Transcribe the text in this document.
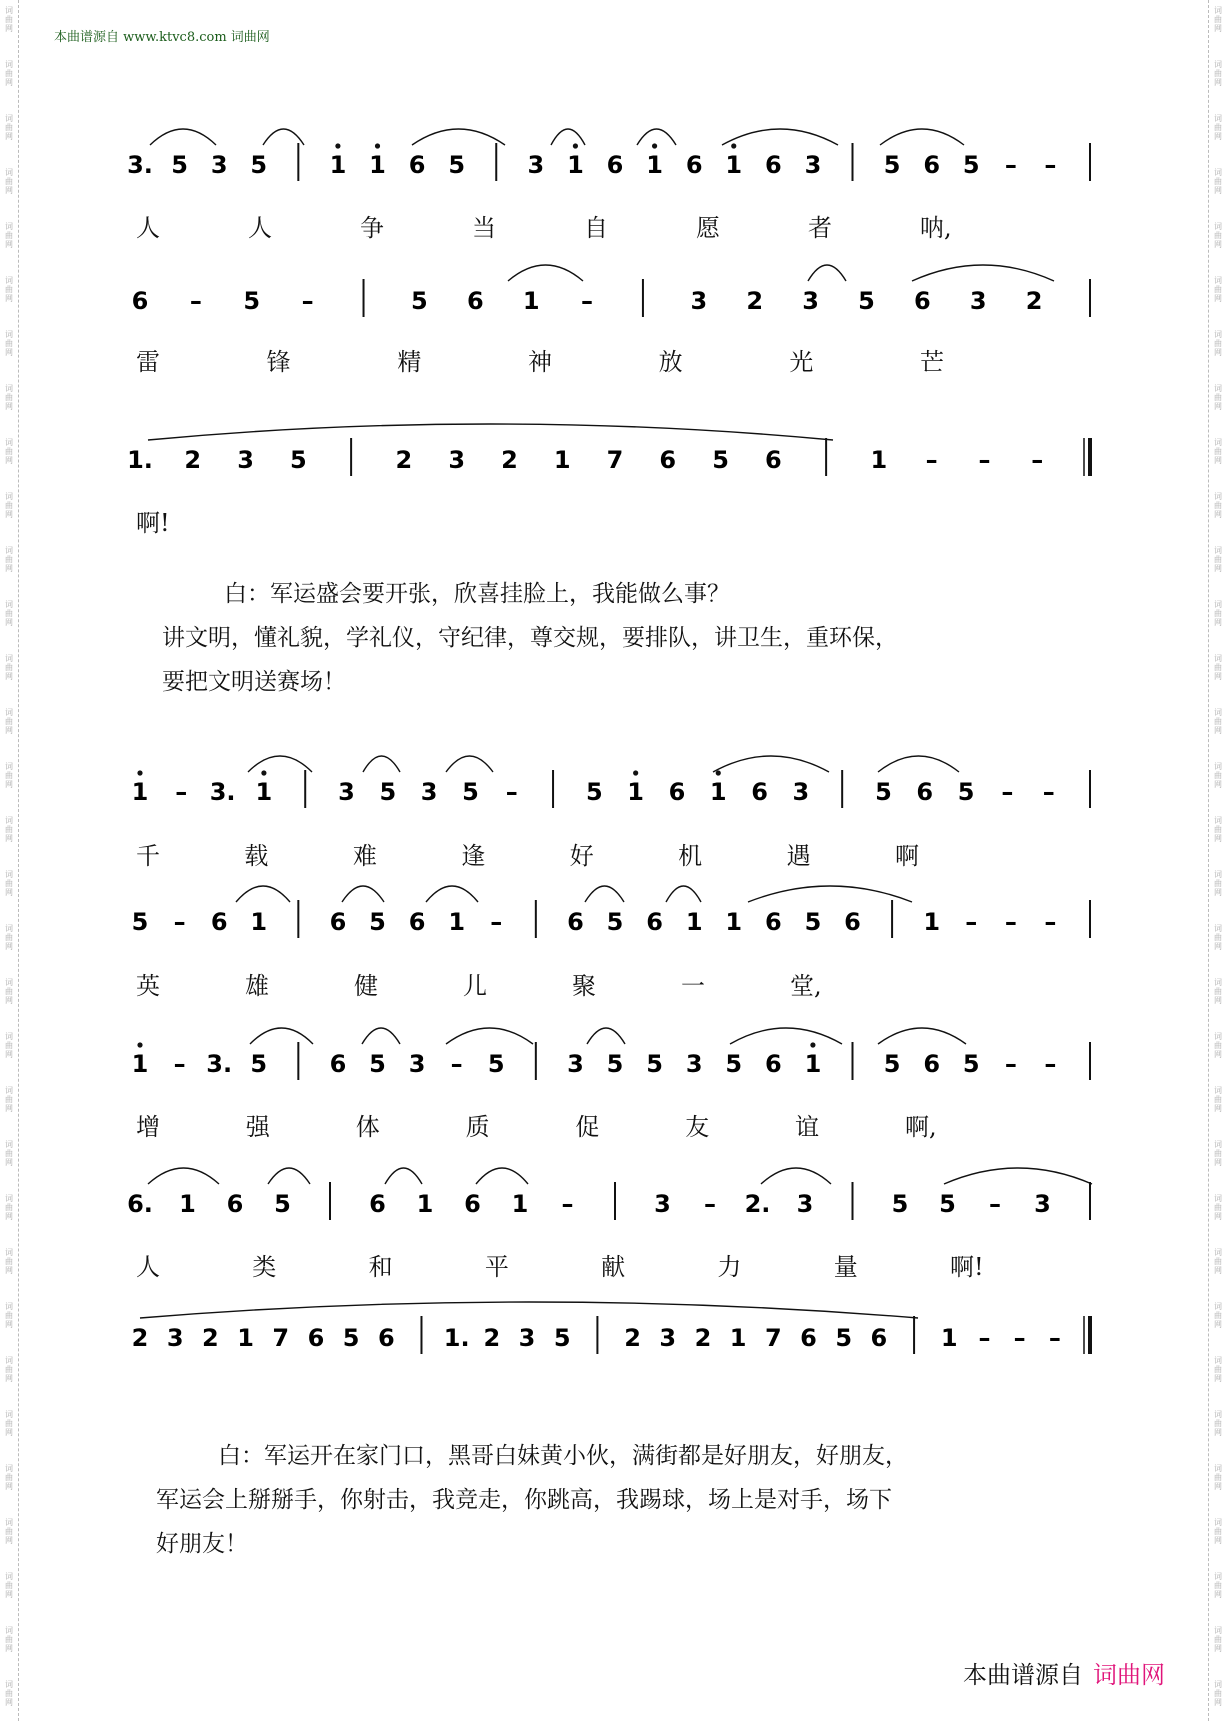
词
曲
网
词
曲
网
词
曲
网
词
曲
网
词
曲
网
词
曲
网
词
曲
网
词
曲
网
词
曲
网
词
曲
网
词
曲
网
词
曲
网
词
曲
网
词
曲
网
词
曲
网
词
曲
网
词
曲
网
词
曲
网
词
曲
网
词
曲
网
词
曲
网
词
曲
网
词
曲
网
词
曲
网
词
曲
网
词
曲
网
词
曲
网
词
曲
网
词
曲
网
词
曲
网
词
曲
网
词
曲
网
词
曲
网
词
曲
网
词
曲
网
词
曲
网
词
曲
网
词
曲
网
词
曲
网
词
曲
网
词
曲
网
词
曲
网
词
曲
网
词
曲
网
词
曲
网
词
曲
网
词
曲
网
词
曲
网
词
曲
网
词
曲
网
词
曲
网
词
曲
网
词
曲
网
词
曲
网
词
曲
网
词
曲
网
词
曲
网
词
曲
网
词
曲
网
词
曲
网
词
曲
网
词
曲
网
词
曲
网
词
曲
网
本曲谱源自 www.ktvc8.com 词曲网
3. 5 3 5	1 1 6 5	3 1 6 1 6 1 6 3	5 6 5 – –
6 – 5 –	5 6 1 –	3 2 3 5 6 3 2
1. 2 3 5	2 3 2 1 7 6 5 6	1 – – –
1 – 3. 1	3 5 3 5 –	5 1 6 1 6 3	5 6 5 – –
5 – 6 1	6 5 6 1 –	6 5 6 1 1 6 5 6	1 – – –
1 – 3. 5	6 5 3 – 5	3 5 5 3 5 6 1	5 6 5 – –
6. 1 6 5	6 1 6 1 –	3 – 2. 3	5 5 – 3
2 3 2 1 7 6 5 6 1. 2 3 5 2 3 2 1 7 6 5 6 1 – – –
人	人	争	当	自	愿	者	呐,
雷	锋	精	神	放	光	芒
啊!
千	载	难	逢	好	机	遇	啊
英	雄	健	儿	聚	一	堂,
增	强	体	质	促	友	谊	啊,
人	类	和	平	献	力	量	啊!
白：军运盛会要开张，欣喜挂脸上，我能做么事？
讲文明，懂礼貌，学礼仪，守纪律，尊交规，要排队，讲卫生，重环保，
要把文明送赛场！
白：军运开在家门口，黑哥白妹黄小伙，满街都是好朋友，好朋友，
军运会上掰掰手，你射击，我竞走，你跳高，我踢球，场上是对手，场下
好朋友！
本曲谱源自 词曲网
